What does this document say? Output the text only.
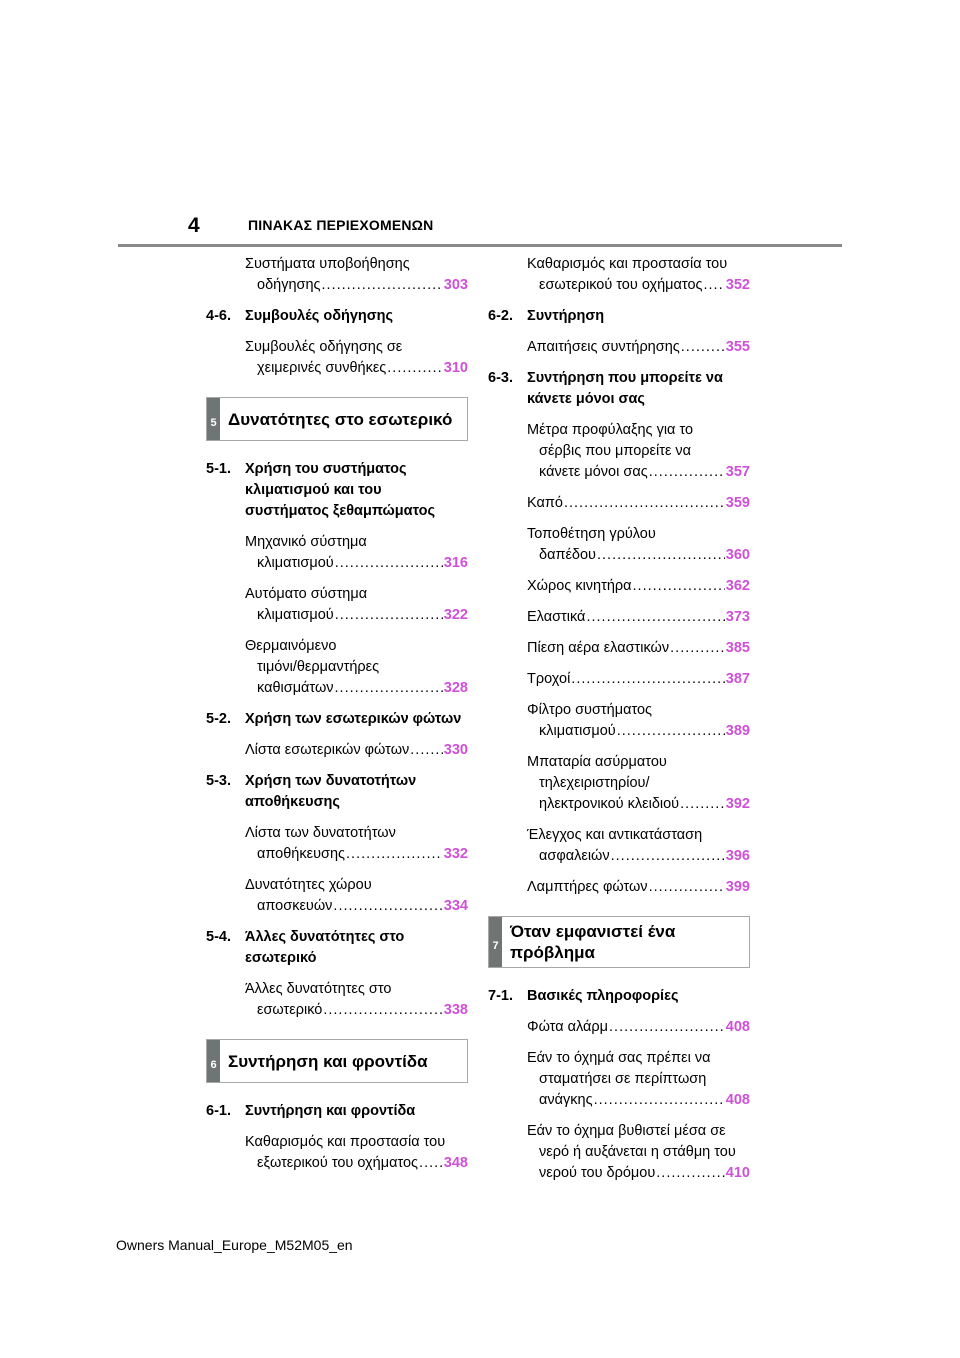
4	ΠΙΝΑΚΑΣ ΠΕΡΙΕΧΟΜΕΝΩΝ
Συστήματα υποβοήθησης
οδήγησης .....	303
4-6. Συμβουλές οδήγησης
Συμβουλές οδήγησης σε
χειμερινές συνθήκες .....	310
5 Δυνατότητες στο εσωτερικό
5-1. Χρήση του συστήματος κλιματισμού και του συστήματος ξεθαμπώματος
Μηχανικό σύστημα
κλιματισμού .....	316
Αυτόματο σύστημα
κλιματισμού .....	322
Θερμαινόμενο
τιμόνι/θερμαντήρες
καθισμάτων .....	328
5-2. Χρήση των εσωτερικών φώτων
Λίστα εσωτερικών φώτων ..... 330
5-3. Χρήση των δυνατοτήτων αποθήκευσης
Λίστα των δυνατοτήτων
αποθήκευσης .....	332
Δυνατότητες χώρου
αποσκευών .....	334
5-4. Άλλες δυνατότητες στο εσωτερικό
Άλλες δυνατότητες στο
εσωτερικό .....	338
6 Συντήρηση και φροντίδα
6-1. Συντήρηση και φροντίδα
Καθαρισμός και προστασία του
εξωτερικού του οχήματος ..... 348
Καθαρισμός και προστασία του
εσωτερικού του οχήματος ..... 352
6-2. Συντήρηση
Απαιτήσεις συντήρησης .....	355
6-3. Συντήρηση που μπορείτε να κάνετε μόνοι σας
Μέτρα προφύλαξης για το
σέρβις που μπορείτε να
κάνετε μόνοι σας .....	357
Καπό .....	359
Τοποθέτηση γρύλου
δαπέδου .....	360
Χώρος κινητήρα .....	362
Ελαστικά .....	373
Πίεση αέρα ελαστικών .....	385
Τροχοί .....	387
Φίλτρο συστήματος
κλιματισμού .....	389
Μπαταρία ασύρματου
τηλεχειριστηρίου/
ηλεκτρονικού κλειδιού .....	392
Έλεγχος και αντικατάσταση
ασφαλειών .....	396
Λαμπτήρες φώτων .....	399
7
Όταν εμφανιστεί ένα πρόβλημα
7-1. Βασικές πληροφορίες
Φώτα αλάρμ .....	408
Εάν το όχημά σας πρέπει να
σταματήσει σε περίπτωση
ανάγκης .....	408
Εάν το όχημα βυθιστεί μέσα σε
νερό ή αυξάνεται η στάθμη του
νερού του δρόμου .....	410
Owners Manual_Europe_M52M05_en
